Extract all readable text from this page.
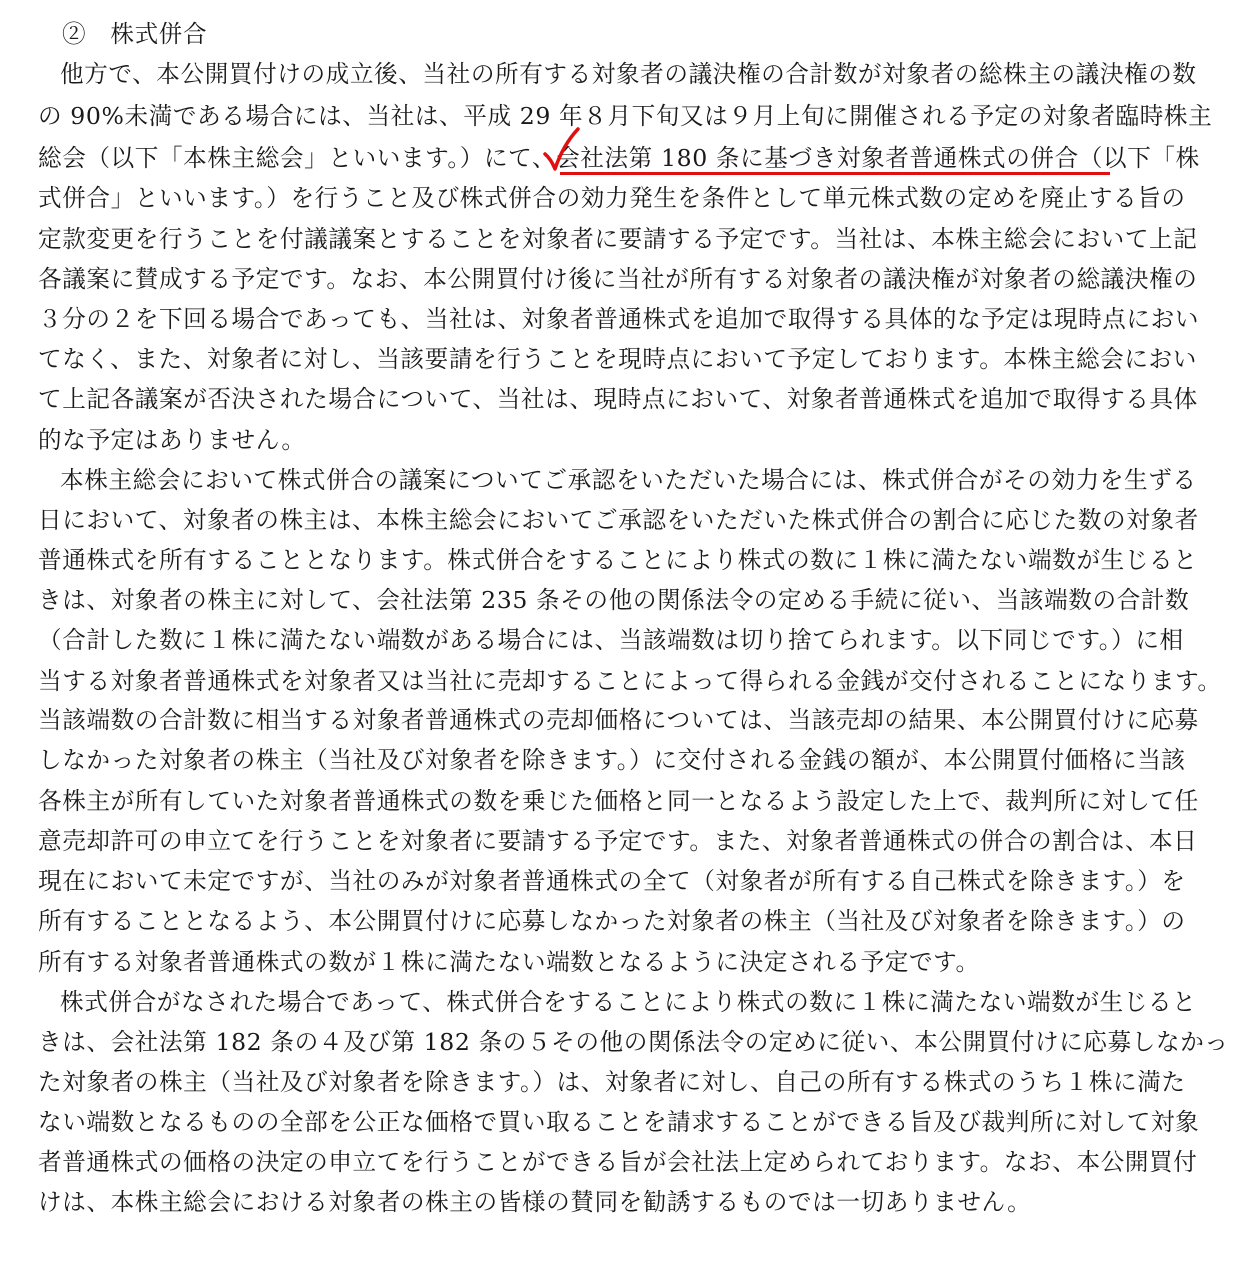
②　株式併合
他方で、本公開買付けの成立後、当社の所有する対象者の議決権の合計数が対象者の総株主の議決権の数
の 90%未満である場合には、当社は、平成 29 年８月下旬又は９月上旬に開催される予定の対象者臨時株主
総会（以下「本株主総会」といいます。）にて、会社法第 180 条に基づき対象者普通株式の併合（以下「株
式併合」といいます。）を行うこと及び株式併合の効力発生を条件として単元株式数の定めを廃止する旨の
定款変更を行うことを付議議案とすることを対象者に要請する予定です。当社は、本株主総会において上記
各議案に賛成する予定です。なお、本公開買付け後に当社が所有する対象者の議決権が対象者の総議決権の
３分の２を下回る場合であっても、当社は、対象者普通株式を追加で取得する具体的な予定は現時点におい
てなく、また、対象者に対し、当該要請を行うことを現時点において予定しております。本株主総会におい
て上記各議案が否決された場合について、当社は、現時点において、対象者普通株式を追加で取得する具体
的な予定はありません。
本株主総会において株式併合の議案についてご承認をいただいた場合には、株式併合がその効力を生ずる
日において、対象者の株主は、本株主総会においてご承認をいただいた株式併合の割合に応じた数の対象者
普通株式を所有することとなります。株式併合をすることにより株式の数に１株に満たない端数が生じると
きは、対象者の株主に対して、会社法第 235 条その他の関係法令の定める手続に従い、当該端数の合計数
（合計した数に１株に満たない端数がある場合には、当該端数は切り捨てられます。以下同じです。）に相
当する対象者普通株式を対象者又は当社に売却することによって得られる金銭が交付されることになります。
当該端数の合計数に相当する対象者普通株式の売却価格については、当該売却の結果、本公開買付けに応募
しなかった対象者の株主（当社及び対象者を除きます。）に交付される金銭の額が、本公開買付価格に当該
各株主が所有していた対象者普通株式の数を乗じた価格と同一となるよう設定した上で、裁判所に対して任
意売却許可の申立てを行うことを対象者に要請する予定です。また、対象者普通株式の併合の割合は、本日
現在において未定ですが、当社のみが対象者普通株式の全て（対象者が所有する自己株式を除きます。）を
所有することとなるよう、本公開買付けに応募しなかった対象者の株主（当社及び対象者を除きます。）の
所有する対象者普通株式の数が１株に満たない端数となるように決定される予定です。
株式併合がなされた場合であって、株式併合をすることにより株式の数に１株に満たない端数が生じると
きは、会社法第 182 条の４及び第 182 条の５その他の関係法令の定めに従い、本公開買付けに応募しなかっ
た対象者の株主（当社及び対象者を除きます。）は、対象者に対し、自己の所有する株式のうち１株に満た
ない端数となるものの全部を公正な価格で買い取ることを請求することができる旨及び裁判所に対して対象
者普通株式の価格の決定の申立てを行うことができる旨が会社法上定められております。なお、本公開買付
けは、本株主総会における対象者の株主の皆様の賛同を勧誘するものでは一切ありません。
